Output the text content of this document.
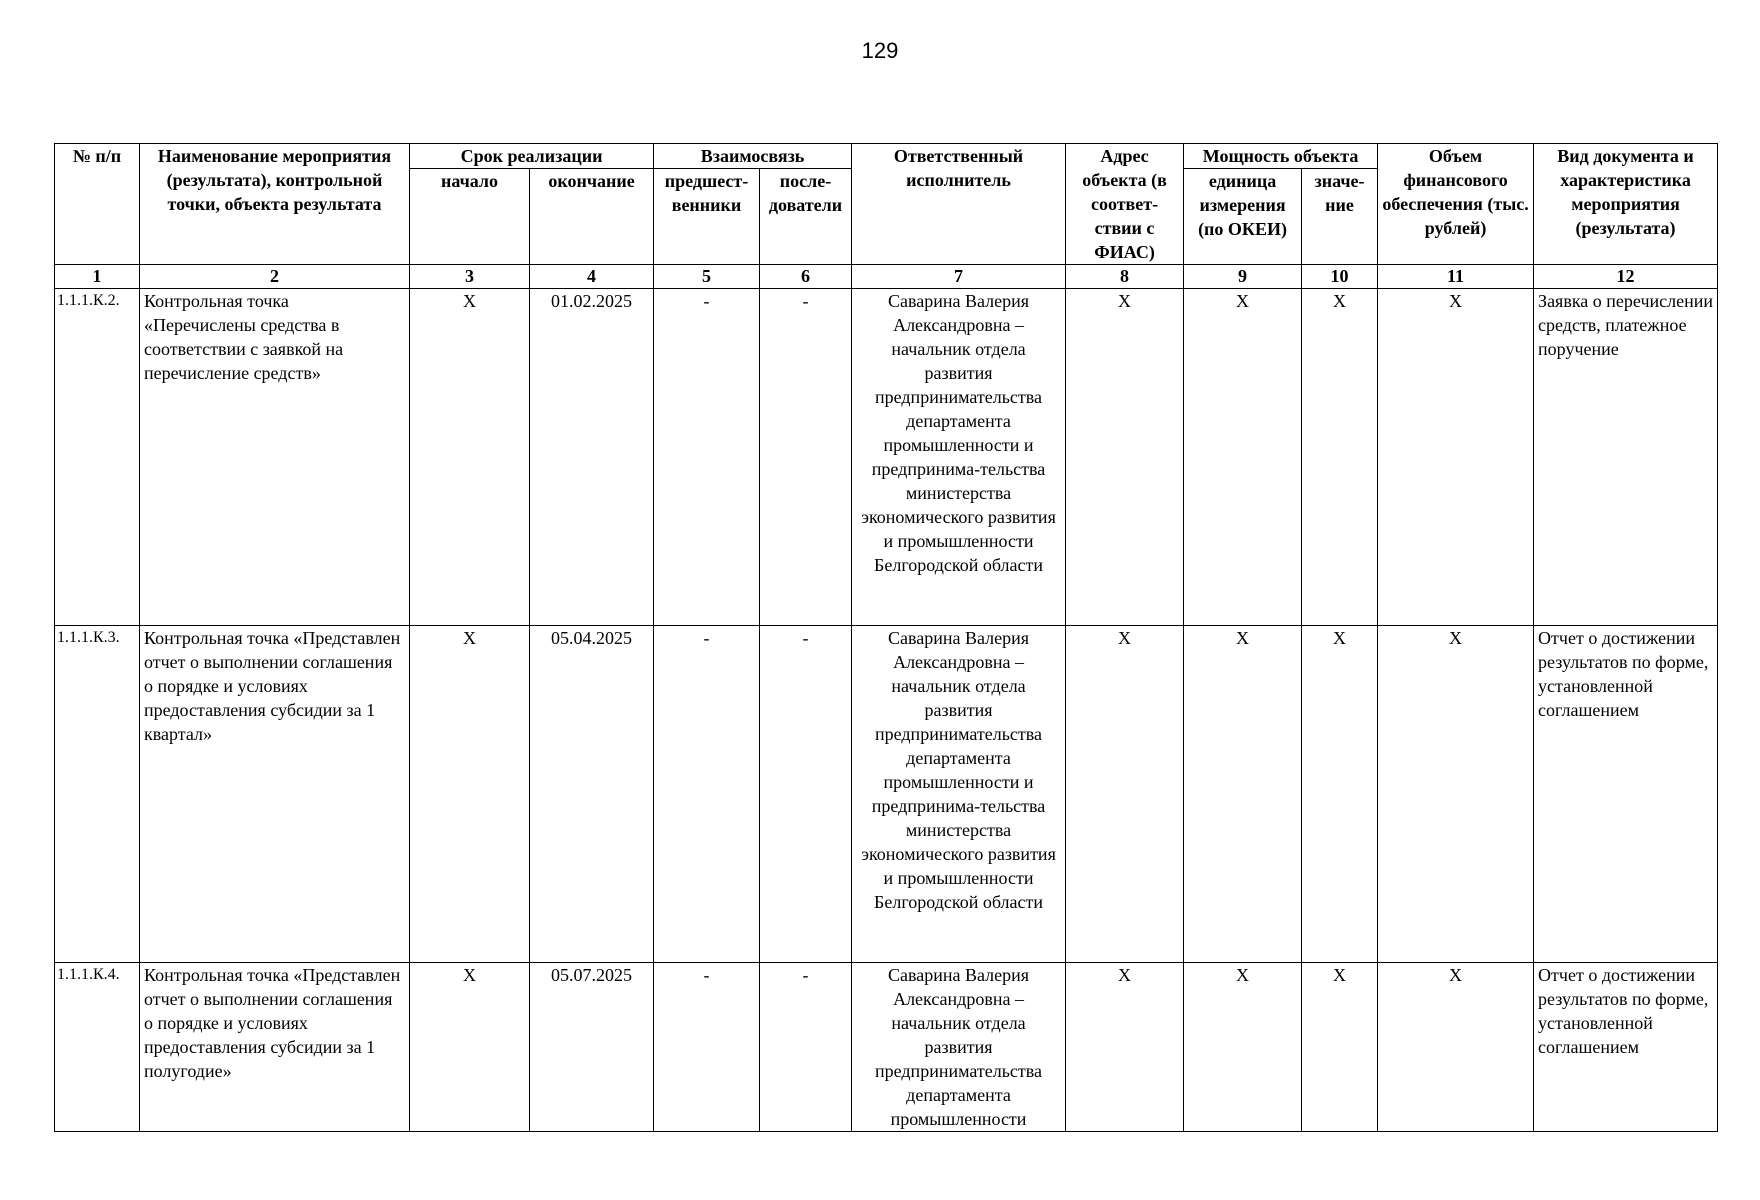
129
№ п/п	Наименование мероприятия (результата), контрольной точки, объекта результата	Срок реализации		Взаимосвязь		Ответственный исполнитель	Адрес объекта (в соответ-ствии с ФИАС)	Мощность объекта		Объем финансового обеспечения (тыс. рублей)	Вид документа и характеристика мероприятия (результата)
		начало	окончание	предшест-венники	после-дователи			единица измерения (по ОКЕИ)	значе-ние		
1	2	3	4	5	6	7	8	9	10	11	12
1.1.1.К.2.	Контрольная точка «Перечислены средства в соответствии с заявкой на перечисление средств»	Х	01.02.2025	-	-	Саварина Валерия Александровна – начальник отдела развития предпринимательства департамента промышленности и предпринима-тельства министерства экономического развития и промышленности Белгородской области	Х	Х	Х	Х	Заявка о перечислении средств, платежное поручение
1.1.1.К.3.	Контрольная точка «Представлен отчет о выполнении соглашения о порядке и условиях предоставления субсидии за 1 квартал»	Х	05.04.2025	-	-	Саварина Валерия Александровна – начальник отдела развития предпринимательства департамента промышленности и предпринима-тельства министерства экономического развития и промышленности Белгородской области	Х	Х	Х	Х	Отчет о достижении результатов по форме, установленной соглашением
1.1.1.К.4.	Контрольная точка «Представлен отчет о выполнении соглашения о порядке и условиях предоставления субсидии за 1 полугодие»	Х	05.07.2025	-	-	Саварина Валерия Александровна – начальник отдела развития предпринимательства департамента промышленности	Х	Х	Х	Х	Отчет о достижении результатов по форме, установленной соглашением
